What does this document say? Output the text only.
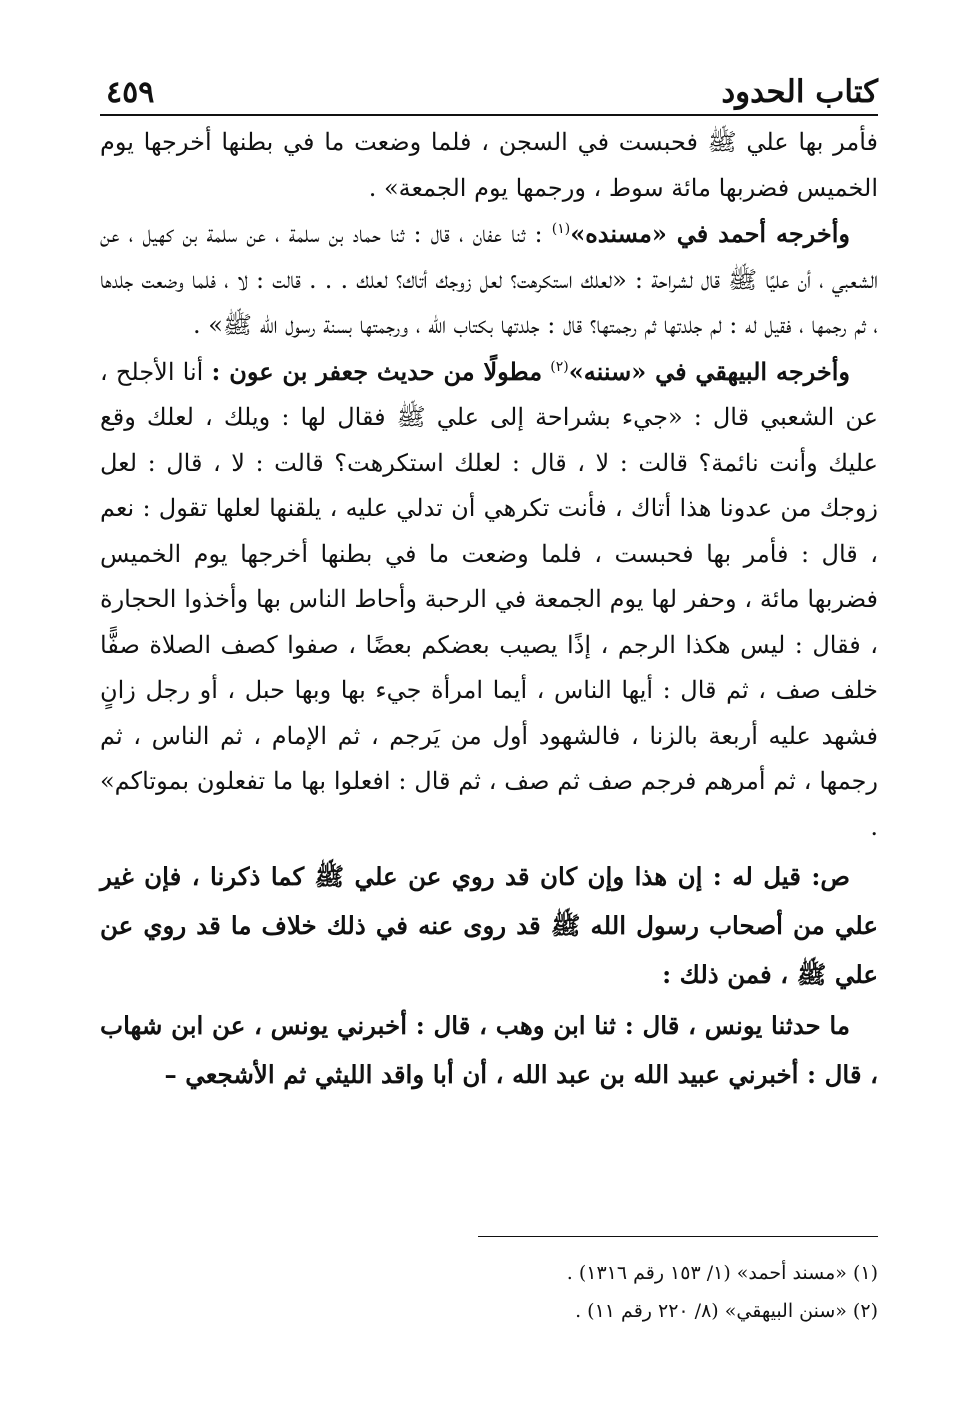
كتاب الحدود
٤٥٩

فأمر بها علي ﷺ فحبست في السجن ، فلما وضعت ما في بطنها أخرجها يوم الخميس فضربها مائة سوط ، ورجمها يوم الجمعة» .

وأخرجه أحمد في «مسنده»$^{(١)}$ : ثنا عفان ، قال : ثنا حماد بن سلمة ، عن سلمة بن كهيل ، عن الشعبي ، أن عليًا ﷺ قال لشراحة : «لعلك استكرهت؟ لعل زوجك أتاك؟ لعلك . . . قالت : لا ، فلما وضعت جلدها ، ثم رجمها ، فقيل له : لم جلدتها ثم رجمتها؟ قال : جلدتها بكتاب الله ، ورجمتها بسنة رسول الله ﷺ» .

وأخرجه البيهقي في «سننه»$^{(٢)}$ مطولًا من حديث جعفر بن عون : أنا الأجلح ، عن الشعبي قال : «جيء بشراحة إلى علي ﷺ فقال لها : ويلك ، لعلك وقع عليك وأنت نائمة؟ قالت : لا ، قال : لعلك استكرهت؟ قالت : لا ، قال : لعل زوجك من عدونا هذا أتاك ، فأنت تكرهي أن تدلي عليه ، يلقنها لعلها تقول : نعم ، قال : فأمر بها فحبست ، فلما وضعت ما في بطنها أخرجها يوم الخميس فضربها مائة ، وحفر لها يوم الجمعة في الرحبة وأحاط الناس بها وأخذوا الحجارة ، فقال : ليس هكذا الرجم ، إذًا يصيب بعضكم بعضًا ، صفوا كصف الصلاة صفًّا خلف صف ، ثم قال : أيها الناس ، أيما امرأة جيء بها وبها حبل ، أو رجل زانٍ فشهد عليه أربعة بالزنا ، فالشهود أول من يَرجم ، ثم الإمام ، ثم الناس ، ثم رجمها ، ثم أمرهم فرجم صف ثم صف ، ثم قال : افعلوا بها ما تفعلون بموتاكم» .

ص: قيل له : إن هذا وإن كان قد روي عن علي ﷺ كما ذكرنا ، فإن غير علي من أصحاب رسول الله ﷺ قد روى عنه في ذلك خلاف ما قد روي عن علي ﷺ ، فمن ذلك :

ما حدثنا يونس ، قال : ثنا ابن وهب ، قال : أخبرني يونس ، عن ابن شهاب ، قال : أخبرني عبيد الله بن عبد الله ، أن أبا واقد الليثي ثم الأشجعي –

(١) «مسند أحمد» (١/ ١٥٣ رقم ١٣١٦) .

(٢) «سنن البيهقي» (٨/ ٢٢٠ رقم ١١) .
